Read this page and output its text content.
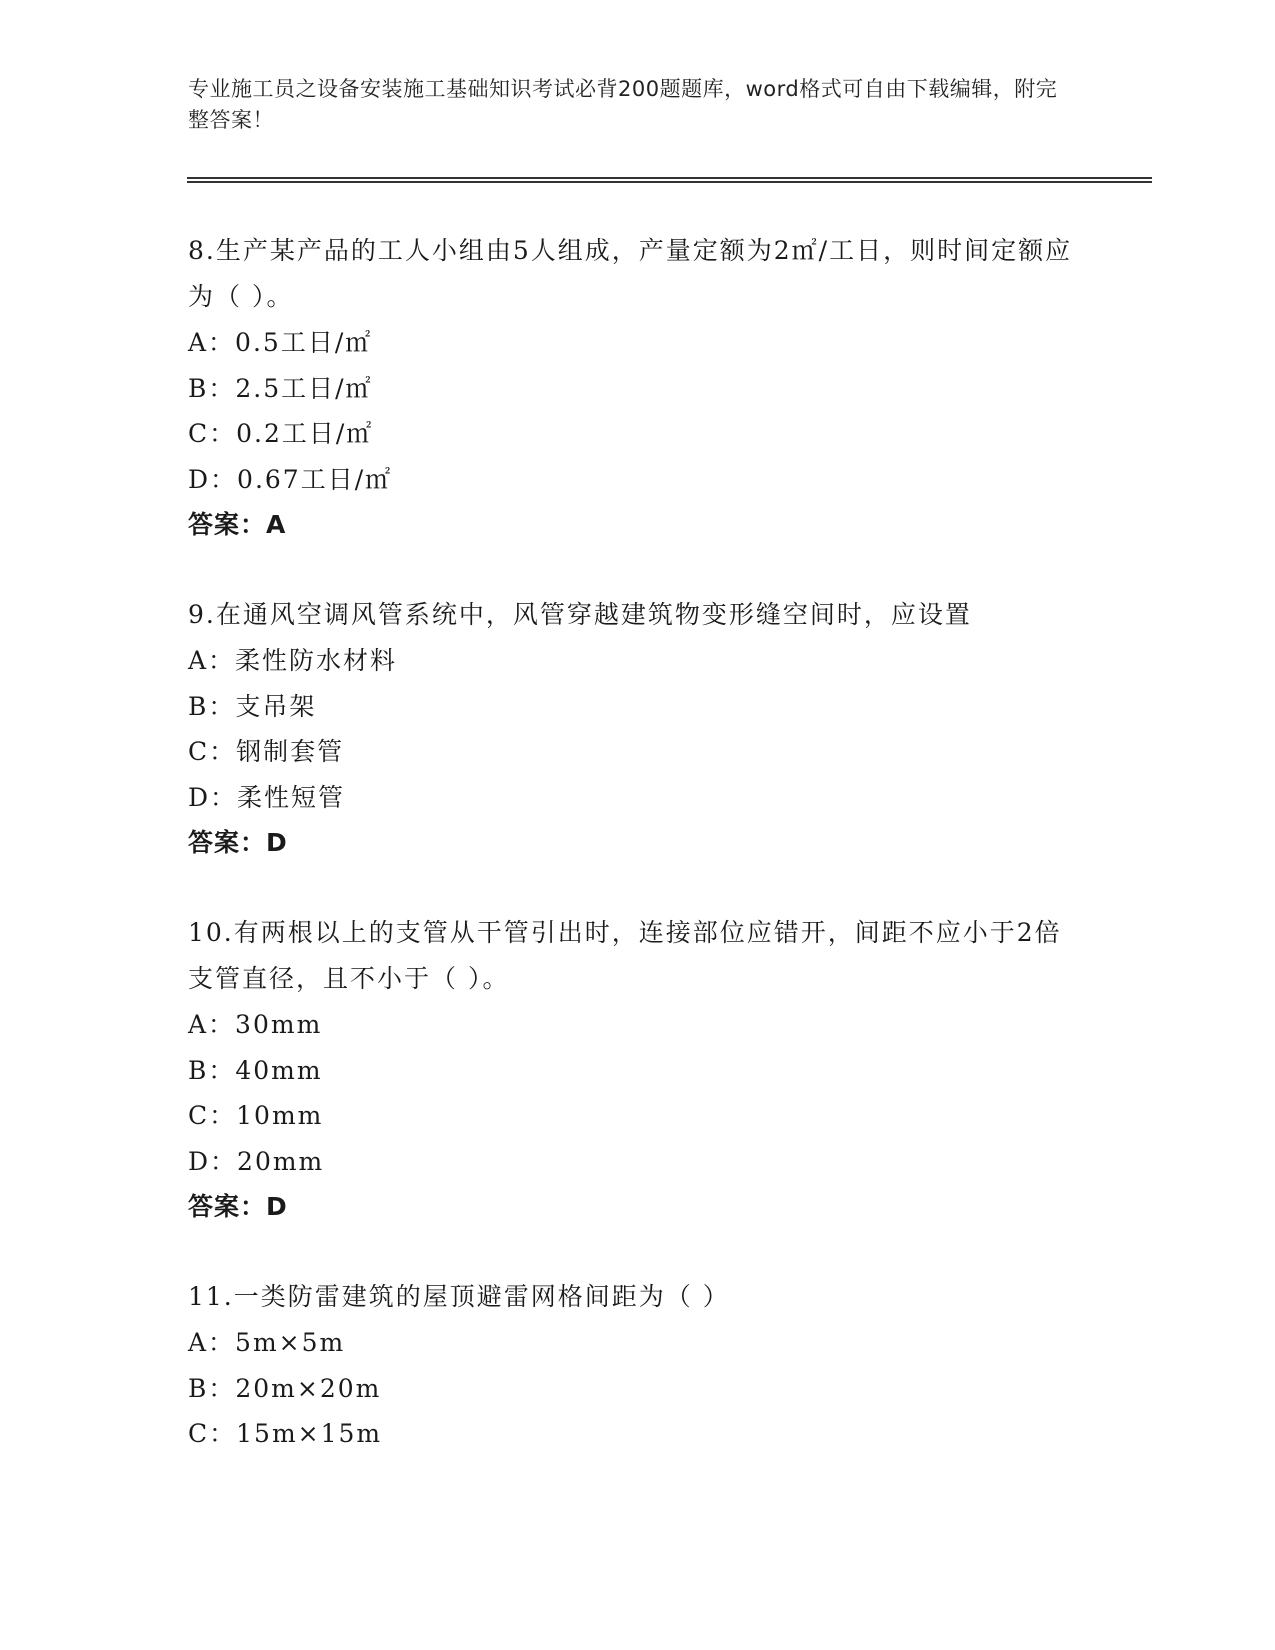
专业施工员之设备安装施工基础知识考试必背200题题库，word格式可自由下载编辑，附完整答案！
8.生产某产品的工人小组由5人组成，产量定额为2㎡/工日，则时间定额应为（ ）。
A：0.5工日/㎡
B：2.5工日/㎡
C：0.2工日/㎡
D：0.67工日/㎡
答案：A
9.在通风空调风管系统中，风管穿越建筑物变形缝空间时，应设置
A：柔性防水材料
B：支吊架
C：钢制套管
D：柔性短管
答案：D
10.有两根以上的支管从干管引出时，连接部位应错开，间距不应小于2倍支管直径，且不小于（ ）。
A：30mm
B：40mm
C：10mm
D：20mm
答案：D
11.一类防雷建筑的屋顶避雷网格间距为（ ）
A：5m×5m
B：20m×20m
C：15m×15m
